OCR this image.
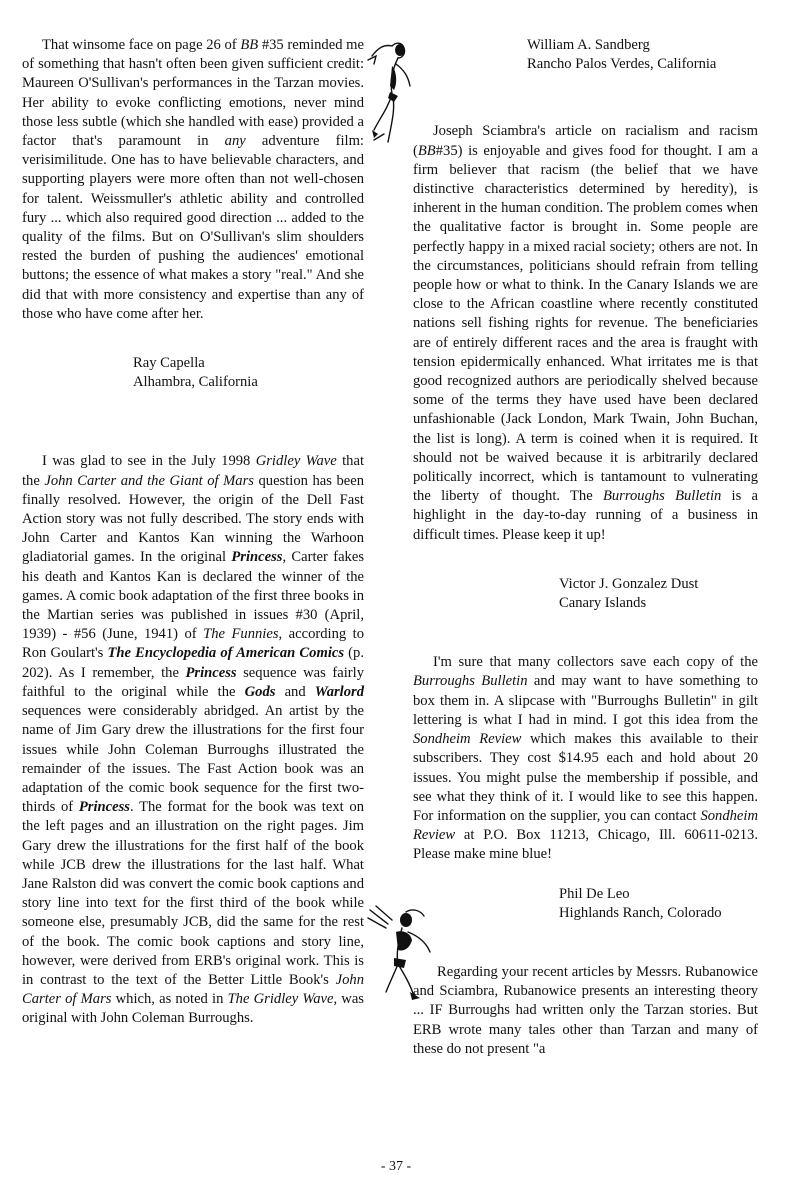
That winsome face on page 26 of BB #35 reminded me of something that hasn't often been given sufficient credit: Maureen O'Sullivan's performances in the Tarzan movies. Her ability to evoke conflicting emotions, never mind those less subtle (which she handled with ease) provided a factor that's paramount in any adventure film: verisimilitude. One has to have believable characters, and supporting players were more often than not well-chosen for talent. Weissmuller's athletic ability and controlled fury ... which also required good direction ... added to the quality of the films. But on O'Sullivan's slim shoulders rested the burden of pushing the audiences' emotional buttons; the essence of what makes a story "real." And she did that with more consistency and expertise than any of those who have come after her.

Ray Capella
Alhambra, California

I was glad to see in the July 1998 Gridley Wave that the John Carter and the Giant of Mars question has been finally resolved. However, the origin of the Dell Fast Action story was not fully described. The story ends with John Carter and Kantos Kan winning the Warhoon gladiatorial games. In the original Princess, Carter fakes his death and Kantos Kan is declared the winner of the games. A comic book adaptation of the first three books in the Martian series was published in issues #30 (April, 1939) - #56 (June, 1941) of The Funnies, according to Ron Goulart's The Encyclopedia of American Comics (p. 202). As I remember, the Princess sequence was fairly faithful to the original while the Gods and Warlord sequences were considerably abridged. An artist by the name of Jim Gary drew the illustrations for the first four issues while John Coleman Burroughs illustrated the remainder of the issues. The Fast Action book was an adaptation of the comic book sequence for the first two-thirds of Princess. The format for the book was text on the left pages and an illustration on the right pages. Jim Gary drew the illustrations for the first half of the book while JCB drew the illustrations for the last half. What Jane Ralston did was convert the comic book captions and story line into text for the first third of the book while someone else, presumably JCB, did the same for the rest of the book. The comic book captions and story line, however, were derived from ERB's original work. This is in contrast to the text of the Better Little Book's John Carter of Mars which, as noted in The Gridley Wave, was original with John Coleman Burroughs.

William A. Sandberg
Rancho Palos Verdes, California

Joseph Sciambra's article on racialism and racism (BB#35) is enjoyable and gives food for thought. I am a firm believer that racism (the belief that we have distinctive characteristics determined by heredity), is inherent in the human condition. The problem comes when the qualitative factor is brought in. Some people are perfectly happy in a mixed racial society; others are not. In the circumstances, politicians should refrain from telling people how or what to think. In the Canary Islands we are close to the African coastline where recently constituted nations sell fishing rights for revenue. The beneficiaries are of entirely different races and the area is fraught with tension epidermically enhanced. What irritates me is that good recognized authors are periodically shelved because some of the terms they have used have been declared unfashionable (Jack London, Mark Twain, John Buchan, the list is long). A term is coined when it is required. It should not be waived because it is arbitrarily declared politically incorrect, which is tantamount to vulnerating the liberty of thought. The Burroughs Bulletin is a highlight in the day-to-day running of a business in difficult times. Please keep it up!

Victor J. Gonzalez Dust
Canary Islands

I'm sure that many collectors save each copy of the Burroughs Bulletin and may want to have something to box them in. A slipcase with "Burroughs Bulletin" in gilt lettering is what I had in mind. I got this idea from the Sondheim Review which makes this available to their subscribers. They cost $14.95 each and hold about 20 issues. You might pulse the membership if possible, and see what they think of it. I would like to see this happen. For information on the supplier, you can contact Sondheim Review at P.O. Box 11213, Chicago, Ill. 60611-0213. Please make mine blue!

Phil De Leo
Highlands Ranch, Colorado

Regarding your recent articles by Messrs. Rubanowice and Sciambra, Rubanowice presents an interesting theory ... IF Burroughs had written only the Tarzan stories. But ERB wrote many tales other than Tarzan and many of these do not present "a

- 37 -
